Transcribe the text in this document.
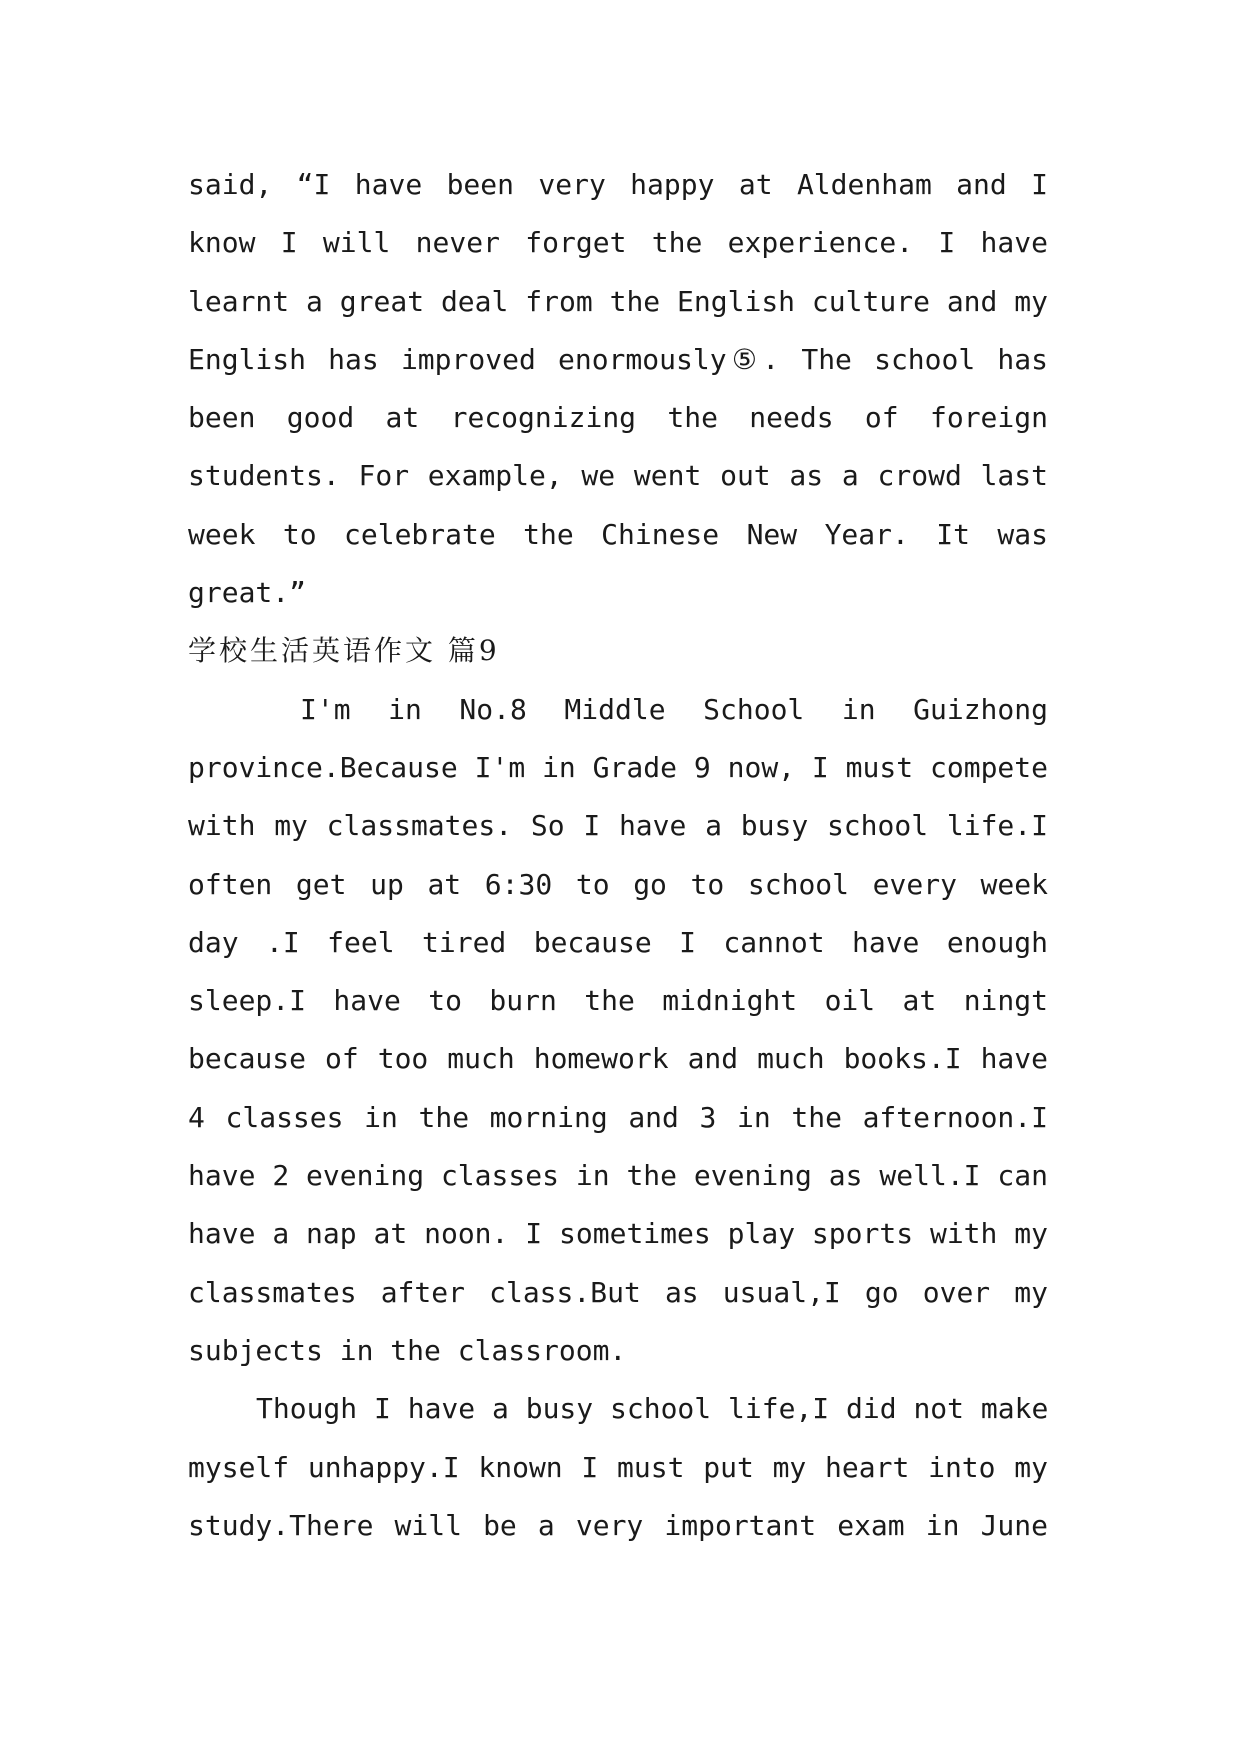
said, “I have been very happy at Aldenham and I
know I will never forget the experience. I have
learnt a great deal from the English culture and my
English has improved enormously⑤. The school has
been good at recognizing the needs of foreign
students. For example, we went out as a crowd last
week to celebrate the Chinese New Year. It was
great.”
学校生活英语作文 篇9
I'm in No.8 Middle School in Guizhong
province.Because I'm in Grade 9 now, I must compete
with my classmates. So I have a busy school life.I
often get up at 6:30 to go to school every week
day .I feel tired because I cannot have enough
sleep.I have to burn the midnight oil at ningt
because of too much homework and much books.I have
4 classes in the morning and 3 in the afternoon.I
have 2 evening classes in the evening as well.I can
have a nap at noon. I sometimes play sports with my
classmates after class.But as usual,I go over my
subjects in the classroom.
Though I have a busy school life,I did not make
myself unhappy.I known I must put my heart into my
study.There will be a very important exam in June
